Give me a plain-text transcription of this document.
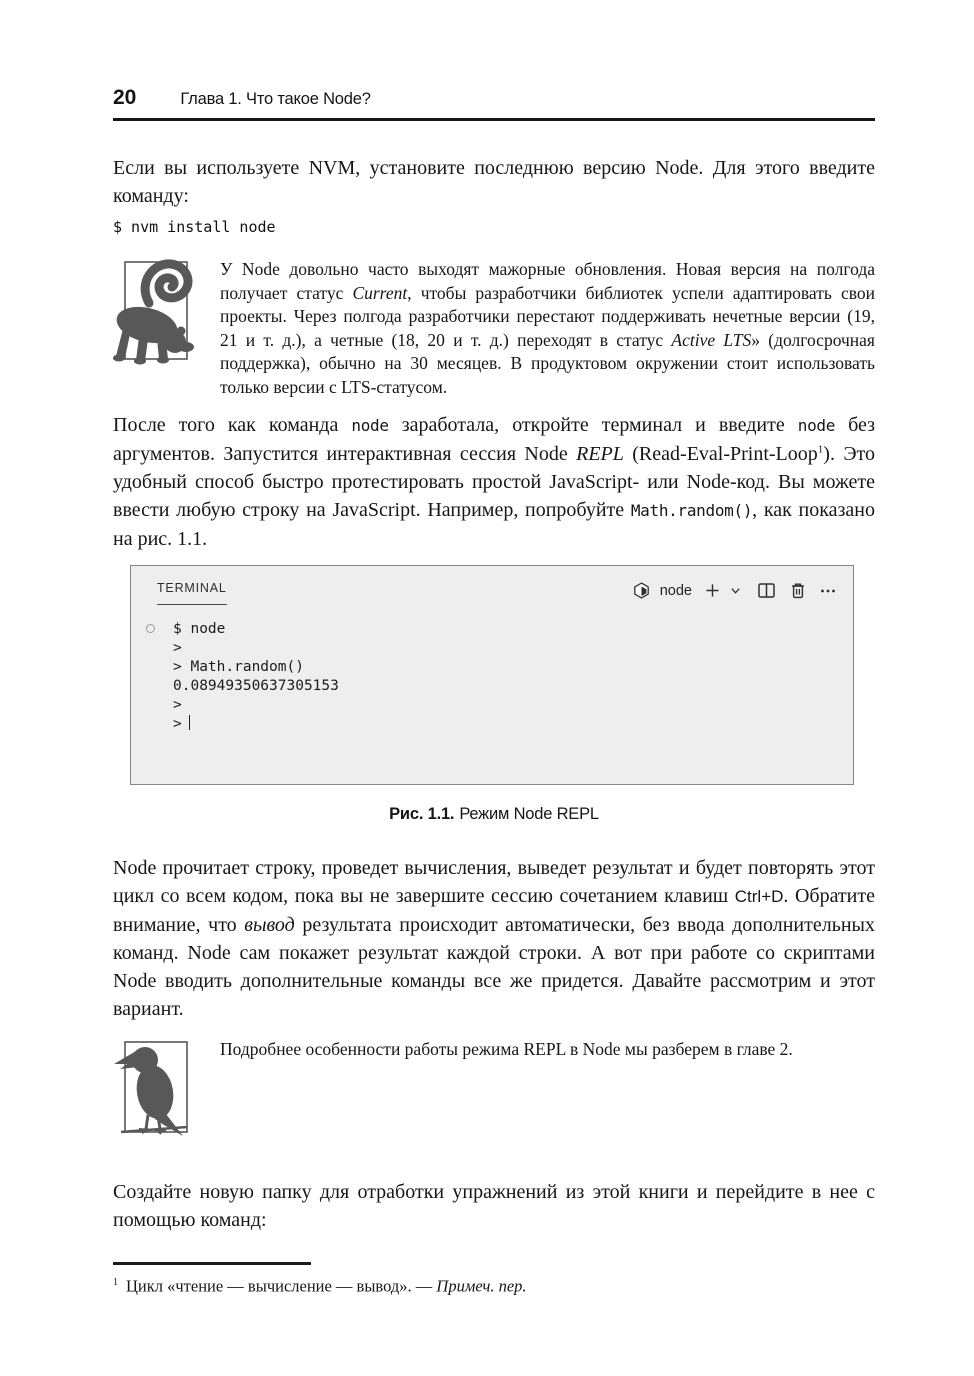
20	Глава 1. Что такое Node?

Если вы используете NVM, установите последнюю версию Node. Для этого введите команду:

$ nvm install node

У Node довольно часто выходят мажорные обновления. Новая версия на полгода получает статус Current, чтобы разработчики библиотек успели адаптировать свои проекты. Через полгода разработчики перестают поддерживать нечетные версии (19, 21 и т. д.), а четные (18, 20 и т. д.) переходят в статус Active LTS» (долгосрочная поддержка), обычно на 30 месяцев. В продуктовом окружении стоит использовать только версии с LTS-статусом.

После того как команда node заработала, откройте терминал и введите node без аргументов. Запустится интерактивная сессия Node REPL (Read-Eval-Print-Loop$^1$). Это удобный способ быстро протестировать простой JavaScript- или Node-код. Вы можете ввести любую строку на JavaScript. Например, попробуйте Math.random(), как показано на рис. 1.1.

TERMINAL	node
$ node
>
> Math.random()
0.08949350637305153
>
>
Рис. 1.1. Режим Node REPL

Node прочитает строку, проведет вычисления, выведет результат и будет повторять этот цикл со всем кодом, пока вы не завершите сессию сочетанием клавиш Ctrl+D. Обратите внимание, что вывод результата происходит автоматически, без ввода дополнительных команд. Node сам покажет результат каждой строки. А вот при работе со скриптами Node вводить дополнительные команды все же придется. Давайте рассмотрим и этот вариант.

Подробнее особенности работы режима REPL в Node мы разберем в главе 2.

Создайте новую папку для отработки упражнений из этой книги и перейдите в нее с помощью команд:

$^1$ Цикл «чтение — вычисление — вывод». — Примеч. пер.
